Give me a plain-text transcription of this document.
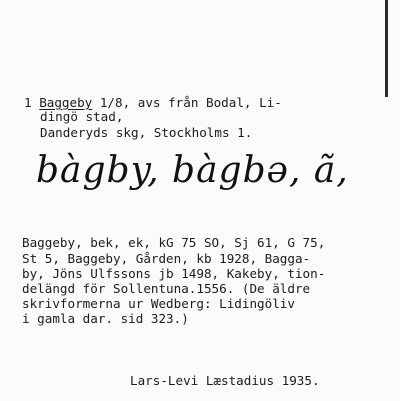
1 Baggeby 1/8, avs från Bodal, Li-
dingö stad,
Danderyds skg, Stockholms 1.
bàgby, bàgbə, ã,
Baggeby, bek, ek, kG 75 SO, Sj 61, G 75,
St 5, Baggeby, Gården, kb 1928, Bagga-
by, Jöns Ulfssons jb 1498, Kakeby, tion-
delängd för Sollentuna.1556. (De äldre
skrivformerna ur Wedberg: Lidingöliv
i gamla dar. sid 323.)
Lars-Levi Læstadius 1935.
